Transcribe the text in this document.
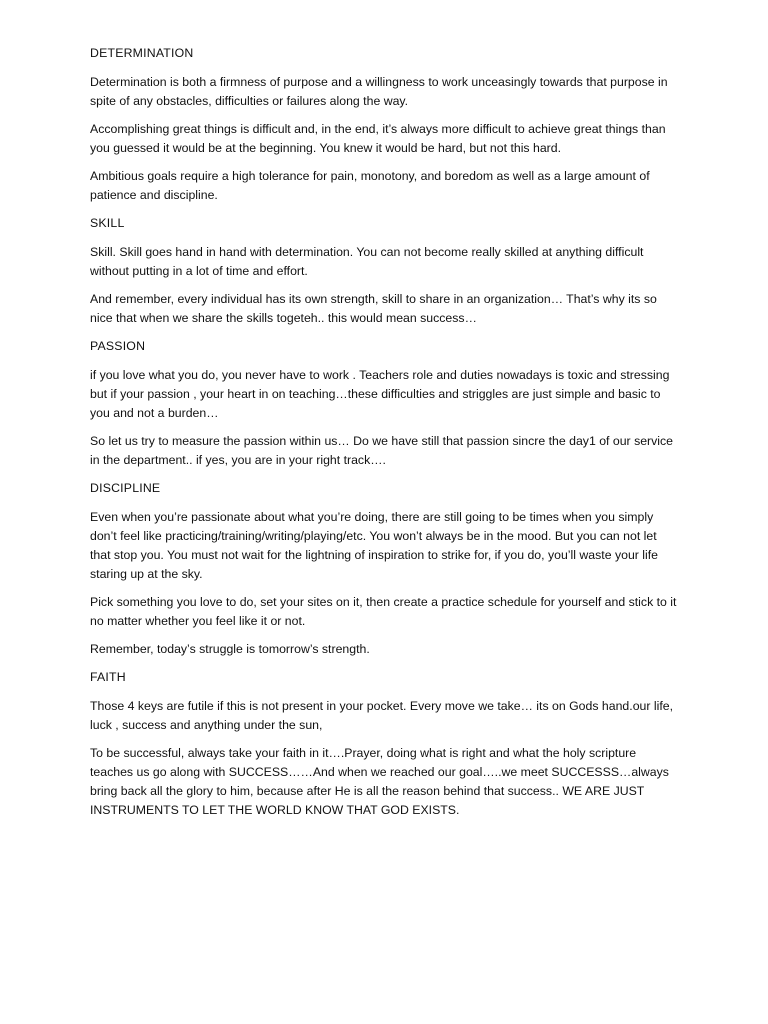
DETERMINATION

Determination is both a firmness of purpose and a willingness to work unceasingly towards that purpose in spite of any obstacles, difficulties or failures along the way.

Accomplishing great things is difficult and, in the end, it’s always more difficult to achieve great things than you guessed it would be at the beginning. You knew it would be hard, but not this hard.

Ambitious goals require a high tolerance for pain, monotony, and boredom as well as a large amount of patience and discipline.

SKILL

Skill. Skill goes hand in hand with determination. You can not become really skilled at anything difficult without putting in a lot of time and effort.

And remember, every individual has its own strength, skill to share in an organization… That’s why its so nice that when we share the skills togeteh.. this would mean success…

PASSION

if you love what you do, you never have to work . Teachers role and duties nowadays is toxic and stressing but if your passion , your heart in on teaching…these difficulties and striggles are just simple and basic to you and not a burden…

So let us try to measure the passion within us… Do we have still that passion sincre the day1 of our service in the department.. if yes, you are in your right track….

DISCIPLINE

Even when you’re passionate about what you’re doing, there are still going to be times when you simply don’t feel like practicing/training/writing/playing/etc. You won’t always be in the mood. But you can not let that stop you. You must not wait for the lightning of inspiration to strike for, if you do, you’ll waste your life staring up at the sky.

Pick something you love to do, set your sites on it, then create a practice schedule for yourself and stick to it no matter whether you feel like it or not.

Remember, today’s struggle is tomorrow’s strength.

FAITH

Those 4 keys are futile if this is not present in your pocket. Every move we take… its on Gods hand.our life, luck , success and anything under the sun,

To be successful, always take your faith in it….Prayer, doing what is right and what the holy scripture teaches us go along with SUCCESS……And when we reached our goal…..we meet SUCCESSS…always bring back all the glory to him, because after He is all the reason behind that success.. WE ARE JUST INSTRUMENTS TO LET THE WORLD KNOW THAT GOD EXISTS.
